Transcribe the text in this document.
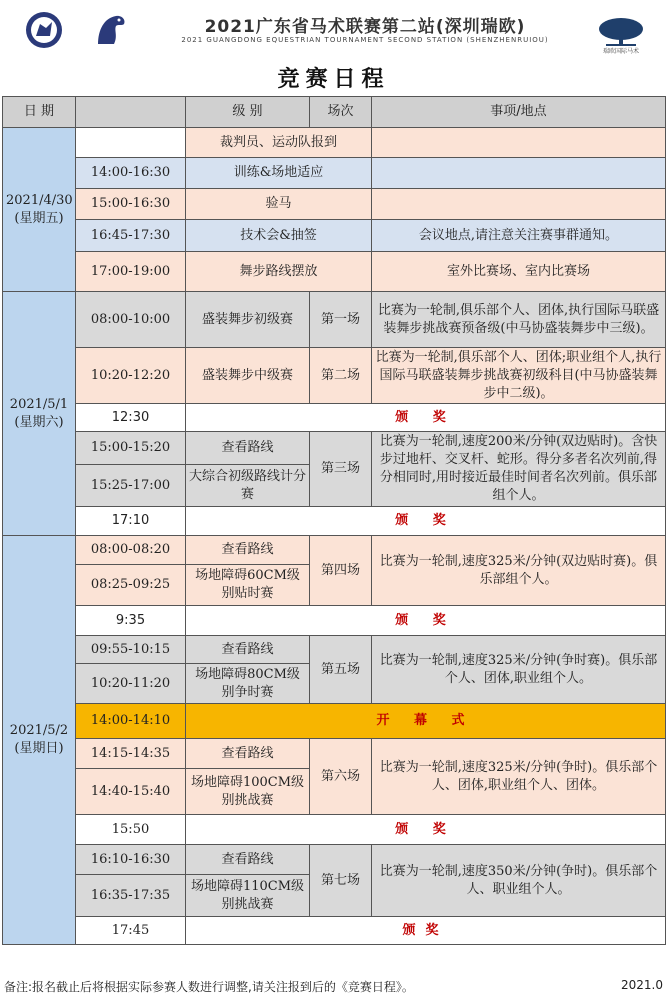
2021广东省马术联赛第二站(深圳瑞欧)
2021 GUANGDONG EQUESTRIAN TOURNAMENT SECOND STATION (SHENZHENRUIOU)
瑞欧国际马术
竞赛日程
日 期		级 别	场次	事项/地点

2021/4/30
(星期五)		裁判员、运动队报到		
	14:00-16:30	训练&场地适应		
	15:00-16:30	验马		
	16:45-17:30	技术会&抽签		会议地点,请注意关注赛事群通知。
	17:00-19:00	舞步路线摆放		室外比赛场、室内比赛场

2021/5/1
(星期六)	08:00-10:00	盛装舞步初级赛	第一场	比赛为一轮制,俱乐部个人、团体,执行国际马联盛装舞步挑战赛预备级(中马协盛装舞步中三级)。
	10:20-12:20	盛装舞步中级赛	第二场	比赛为一轮制,俱乐部个人、团体;职业组个人,执行国际马联盛装舞步挑战赛初级科目(中马协盛装舞步中二级)。
	12:30	颁 奖		
	15:00-15:20	查看路线	第三场	比赛为一轮制,速度200米/分钟(双边贴时)。含快步过地杆、交叉杆、蛇形。得分多者名次列前,得分相同时,用时接近最佳时间者名次列前。俱乐部组个人。
	15:25-17:00	大综合初级路线计分赛		
	17:10	颁 奖		

2021/5/2
(星期日)	08:00-08:20	查看路线	第四场	比赛为一轮制,速度325米/分钟(双边贴时赛)。俱乐部组个人。
	08:25-09:25	场地障碍60CM级别贴时赛		
	9:35	颁 奖		
	09:55-10:15	查看路线	第五场	比赛为一轮制,速度325米/分钟(争时赛)。俱乐部个人、团体,职业组个人。
	10:20-11:20	场地障碍80CM级别争时赛		
	14:00-14:10	开 幕 式		
	14:15-14:35	查看路线	第六场	比赛为一轮制,速度325米/分钟(争时)。俱乐部个人、团体,职业组个人、团体。
	14:40-15:40	场地障碍100CM级别挑战赛		
	15:50	颁 奖		
	16:10-16:30	查看路线	第七场	比赛为一轮制,速度350米/分钟(争时)。俱乐部个人、职业组个人。
	16:35-17:35	场地障碍110CM级别挑战赛		
	17:45	颁奖		
备注:报名截止后将根据实际参赛人数进行调整,请关注报到后的《竞赛日程》。	2021.0
